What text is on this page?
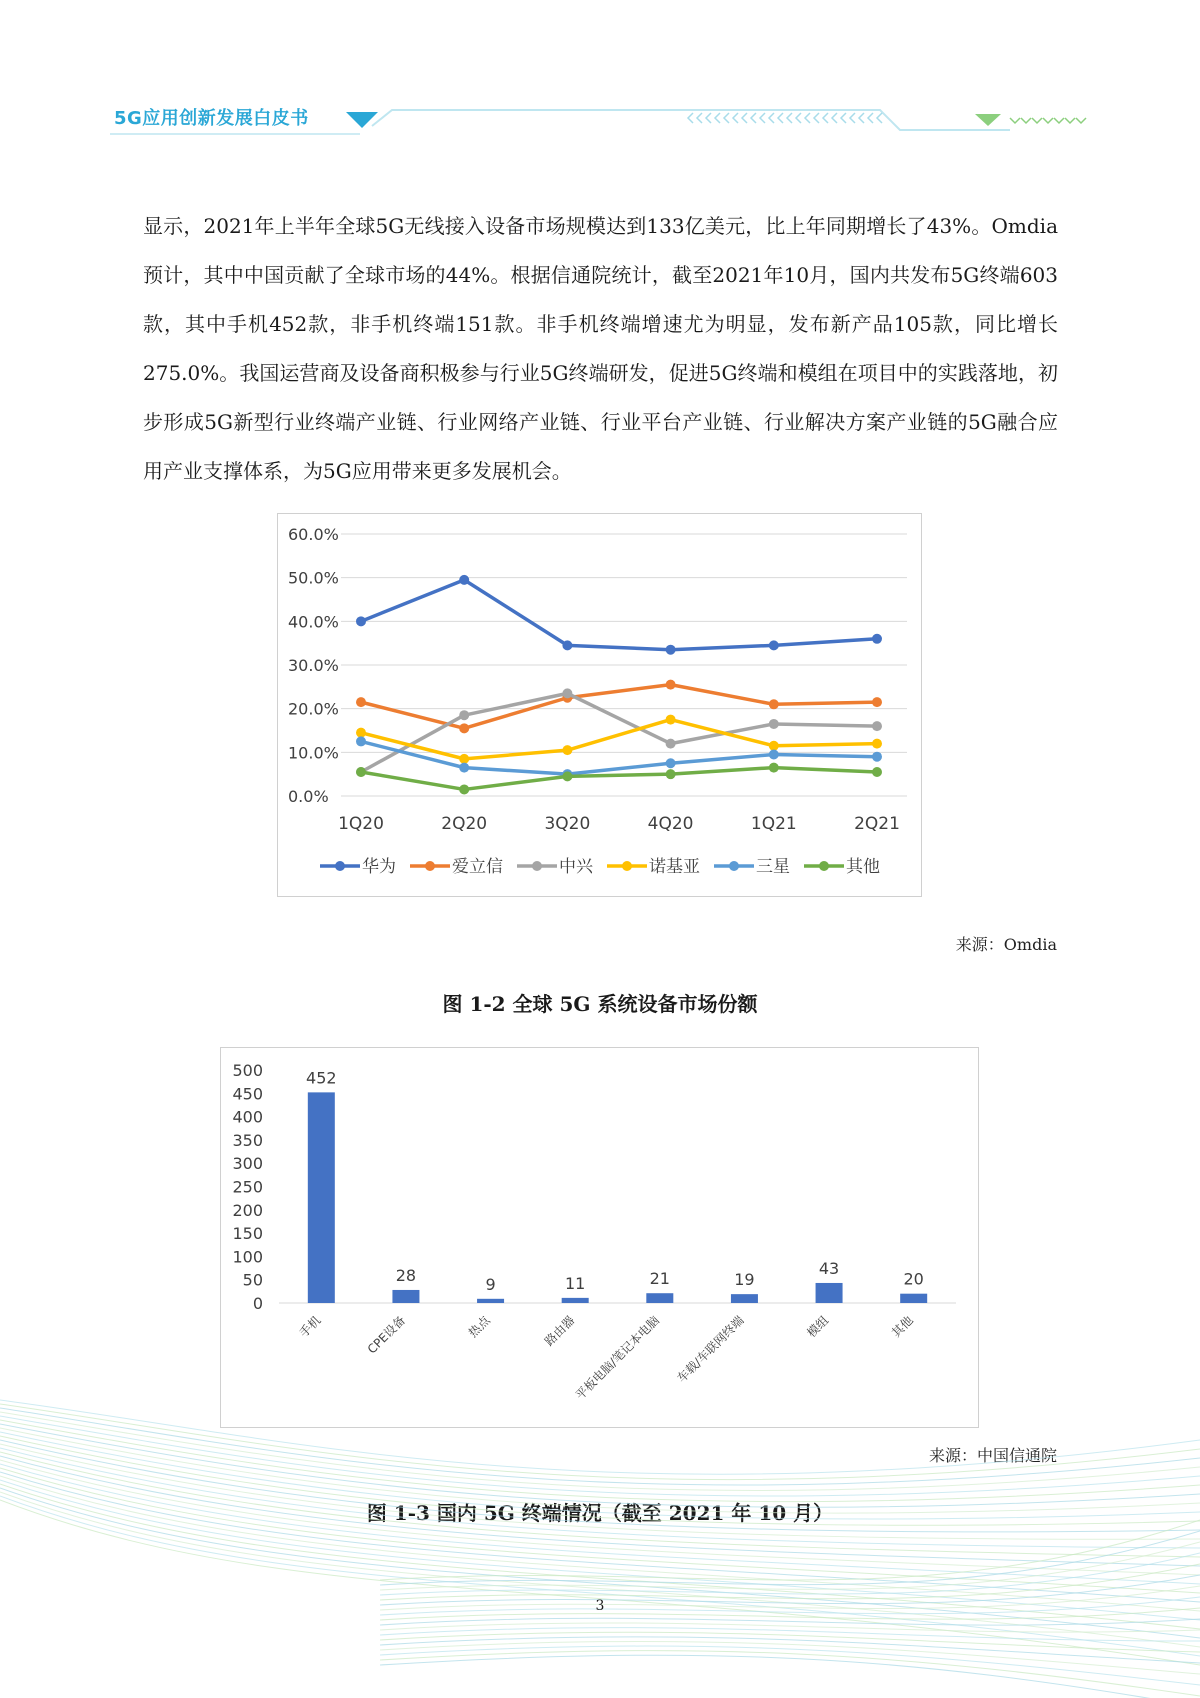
5G应用创新发展白皮书

显示，2021年上半年全球5G无线接入设备市场规模达到133亿美元，比上年同期增长了43%。Omdia预计，其中中国贡献了全球市场的44%。根据信通院统计，截至2021年10月，国内共发布5G终端603款，其中手机452款，非手机终端151款。非手机终端增速尤为明显，发布新产品105款，同比增长275.0%。我国运营商及设备商积极参与行业5G终端研发，促进5G终端和模组在项目中的实践落地，初步形成5G新型行业终端产业链、行业网络产业链、行业平台产业链、行业解决方案产业链的5G融合应用产业支撑体系，为5G应用带来更多发展机会。

0.0%
10.0%
20.0%
30.0%
40.0%
50.0%
60.0%
1Q20	2Q20	3Q20	4Q20	1Q21	2Q21
华为	爱立信	中兴	诺基亚	三星	其他
来源：Omdia
图 1-2 全球 5G 系统设备市场份额
0
50
100
150
200
250
300
350
400
450
500	452
手机
28
CPE设备
9
热点
11
路由器
21
平板电脑/笔记本电脑
19
车载/车联网终端
43
模组
20
其他
来源：中国信通院
图 1-3 国内 5G 终端情况（截至 2021 年 10 月）
3
